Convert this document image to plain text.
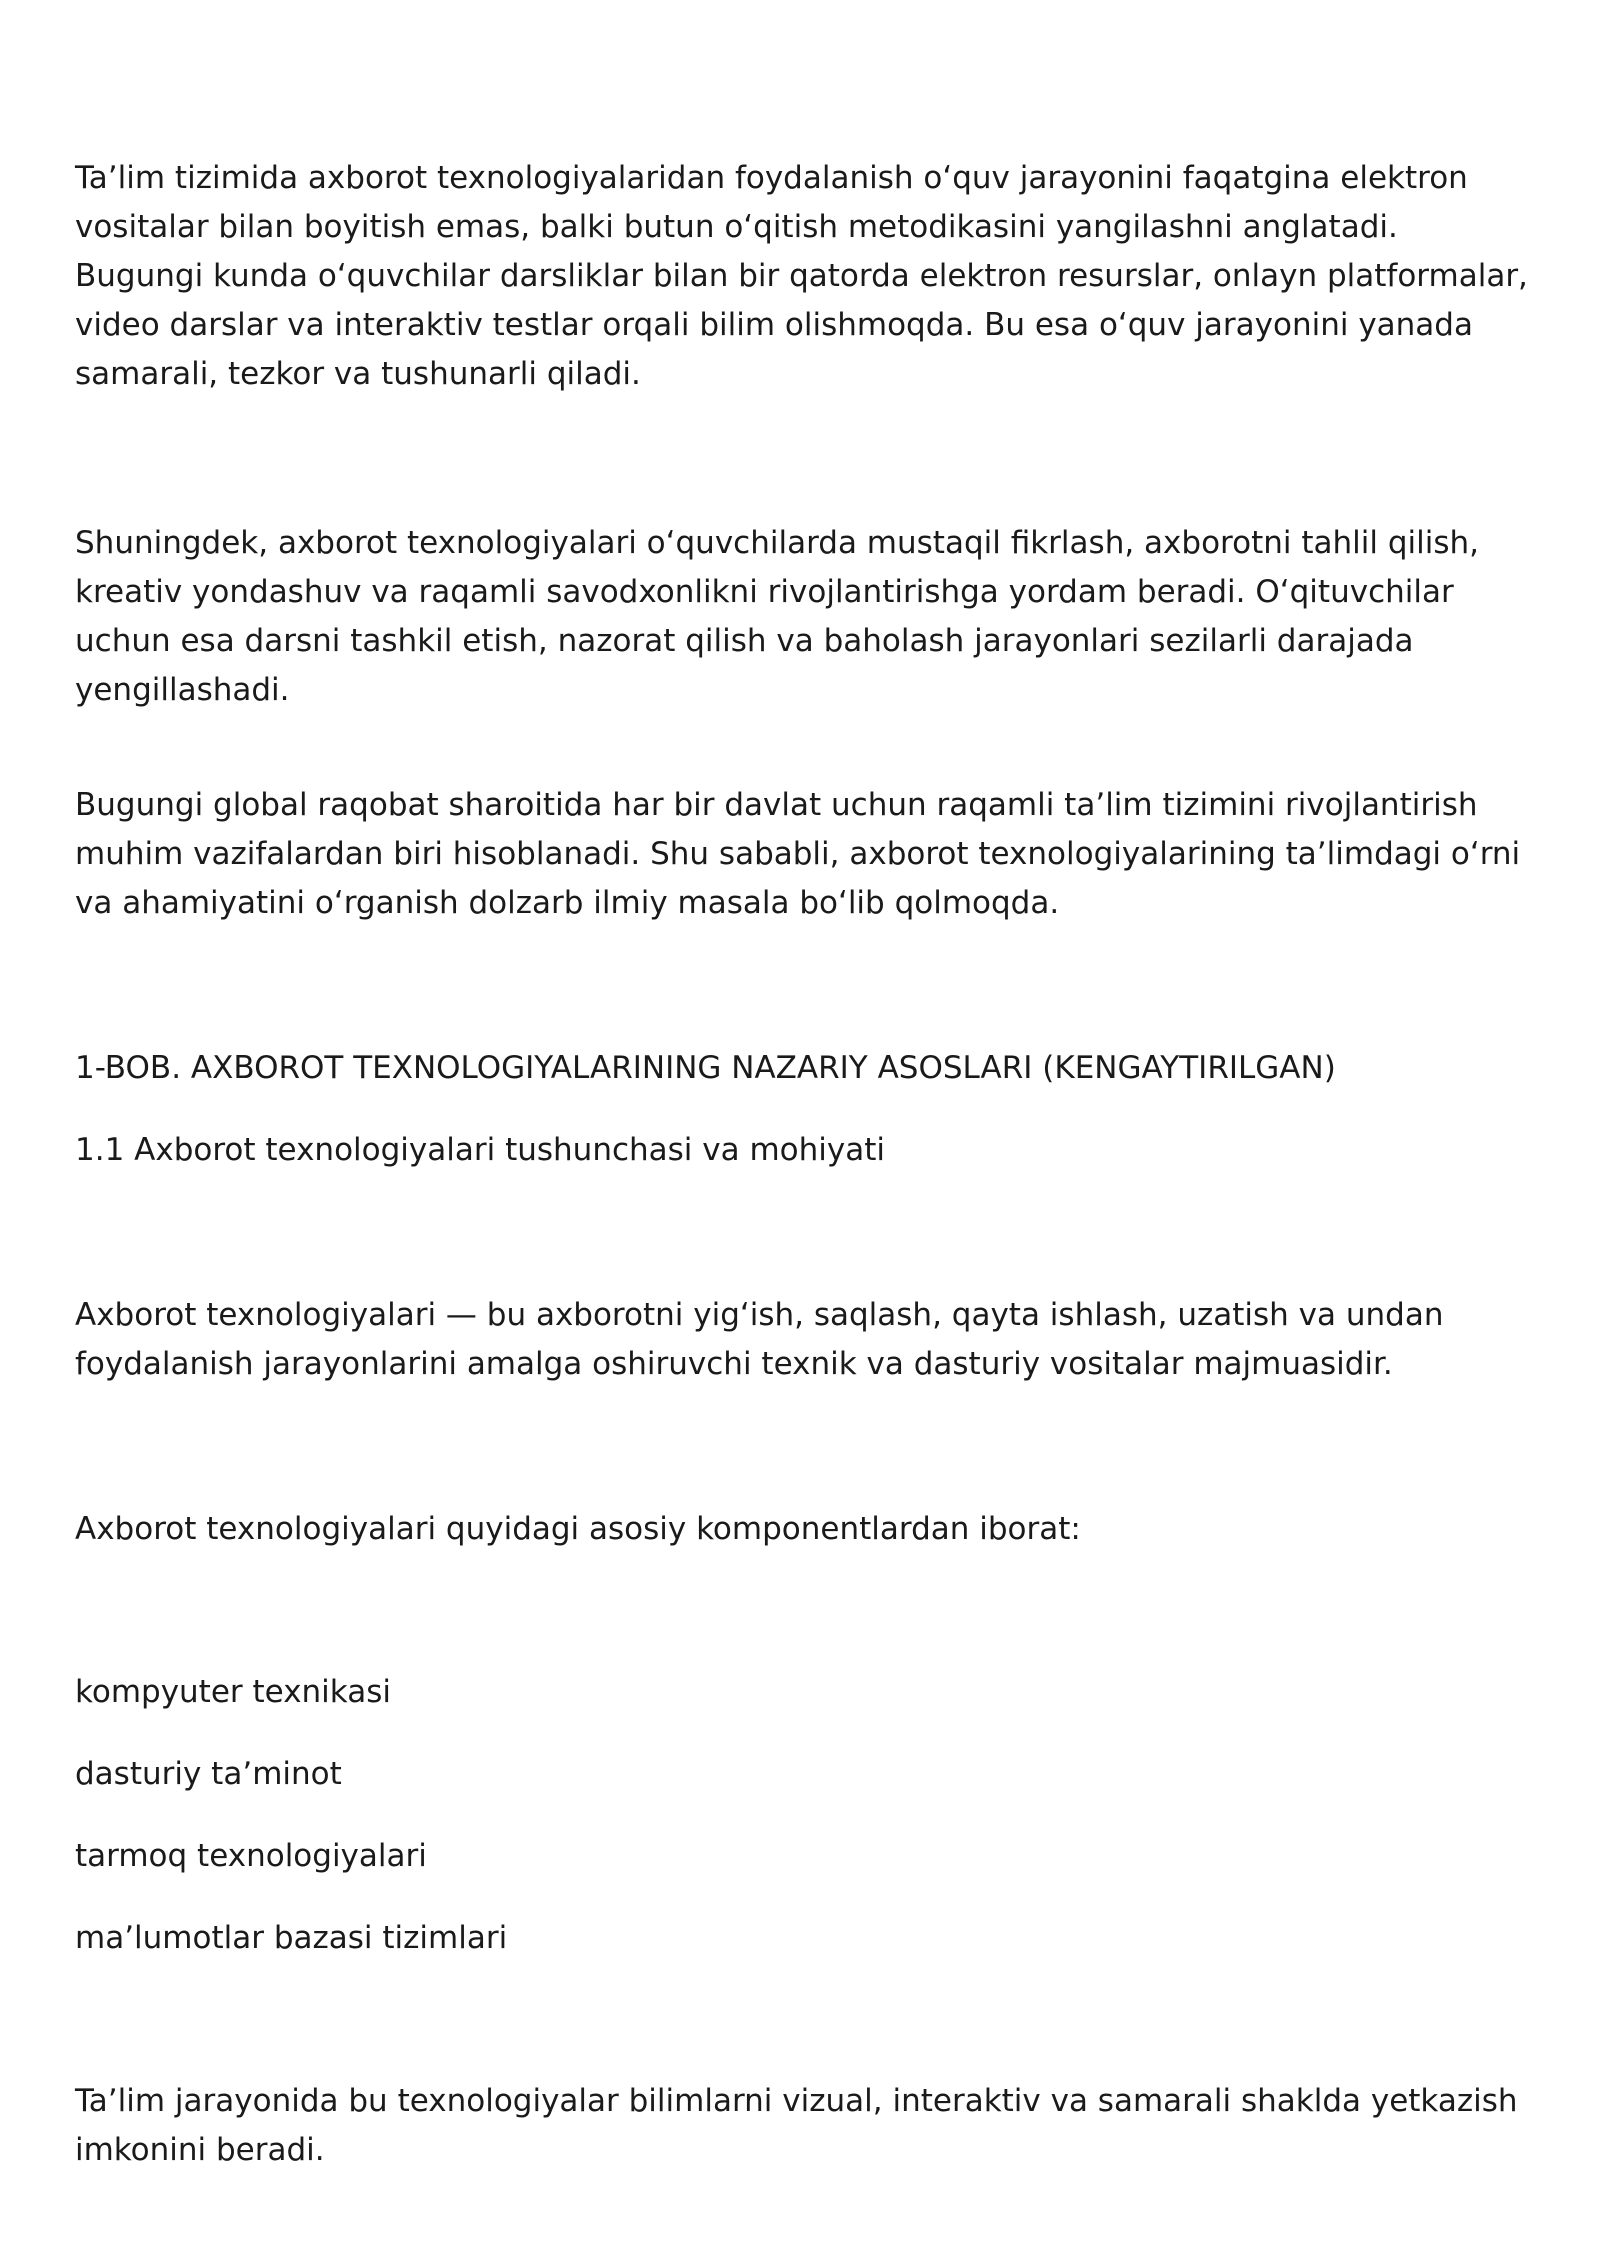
Ta’lim tizimida axborot texnologiyalaridan foydalanish o‘quv jarayonini faqatgina elektron vositalar bilan boyitish emas, balki butun o‘qitish metodikasini yangilashni anglatadi. Bugungi kunda o‘quvchilar darsliklar bilan bir qatorda elektron resurslar, onlayn platformalar, video darslar va interaktiv testlar orqali bilim olishmoqda. Bu esa o‘quv jarayonini yanada samarali, tezkor va tushunarli qiladi.

Shuningdek, axborot texnologiyalari o‘quvchilarda mustaqil fikrlash, axborotni tahlil qilish, kreativ yondashuv va raqamli savodxonlikni rivojlantirishga yordam beradi. O‘qituvchilar uchun esa darsni tashkil etish, nazorat qilish va baholash jarayonlari sezilarli darajada yengillashadi.

Bugungi global raqobat sharoitida har bir davlat uchun raqamli ta’lim tizimini rivojlantirish muhim vazifalardan biri hisoblanadi. Shu sababli, axborot texnologiyalarining ta’limdagi o‘rni va ahamiyatini o‘rganish dolzarb ilmiy masala bo‘lib qolmoqda.

1-BOB. AXBOROT TEXNOLOGIYALARINING NAZARIY ASOSLARI (KENGAYTIRILGAN)

1.1 Axborot texnologiyalari tushunchasi va mohiyati

Axborot texnologiyalari — bu axborotni yig‘ish, saqlash, qayta ishlash, uzatish va undan foydalanish jarayonlarini amalga oshiruvchi texnik va dasturiy vositalar majmuasidir.

Axborot texnologiyalari quyidagi asosiy komponentlardan iborat:

kompyuter texnikasi

dasturiy ta’minot

tarmoq texnologiyalari

ma’lumotlar bazasi tizimlari

Ta’lim jarayonida bu texnologiyalar bilimlarni vizual, interaktiv va samarali shaklda yetkazish imkonini beradi.
